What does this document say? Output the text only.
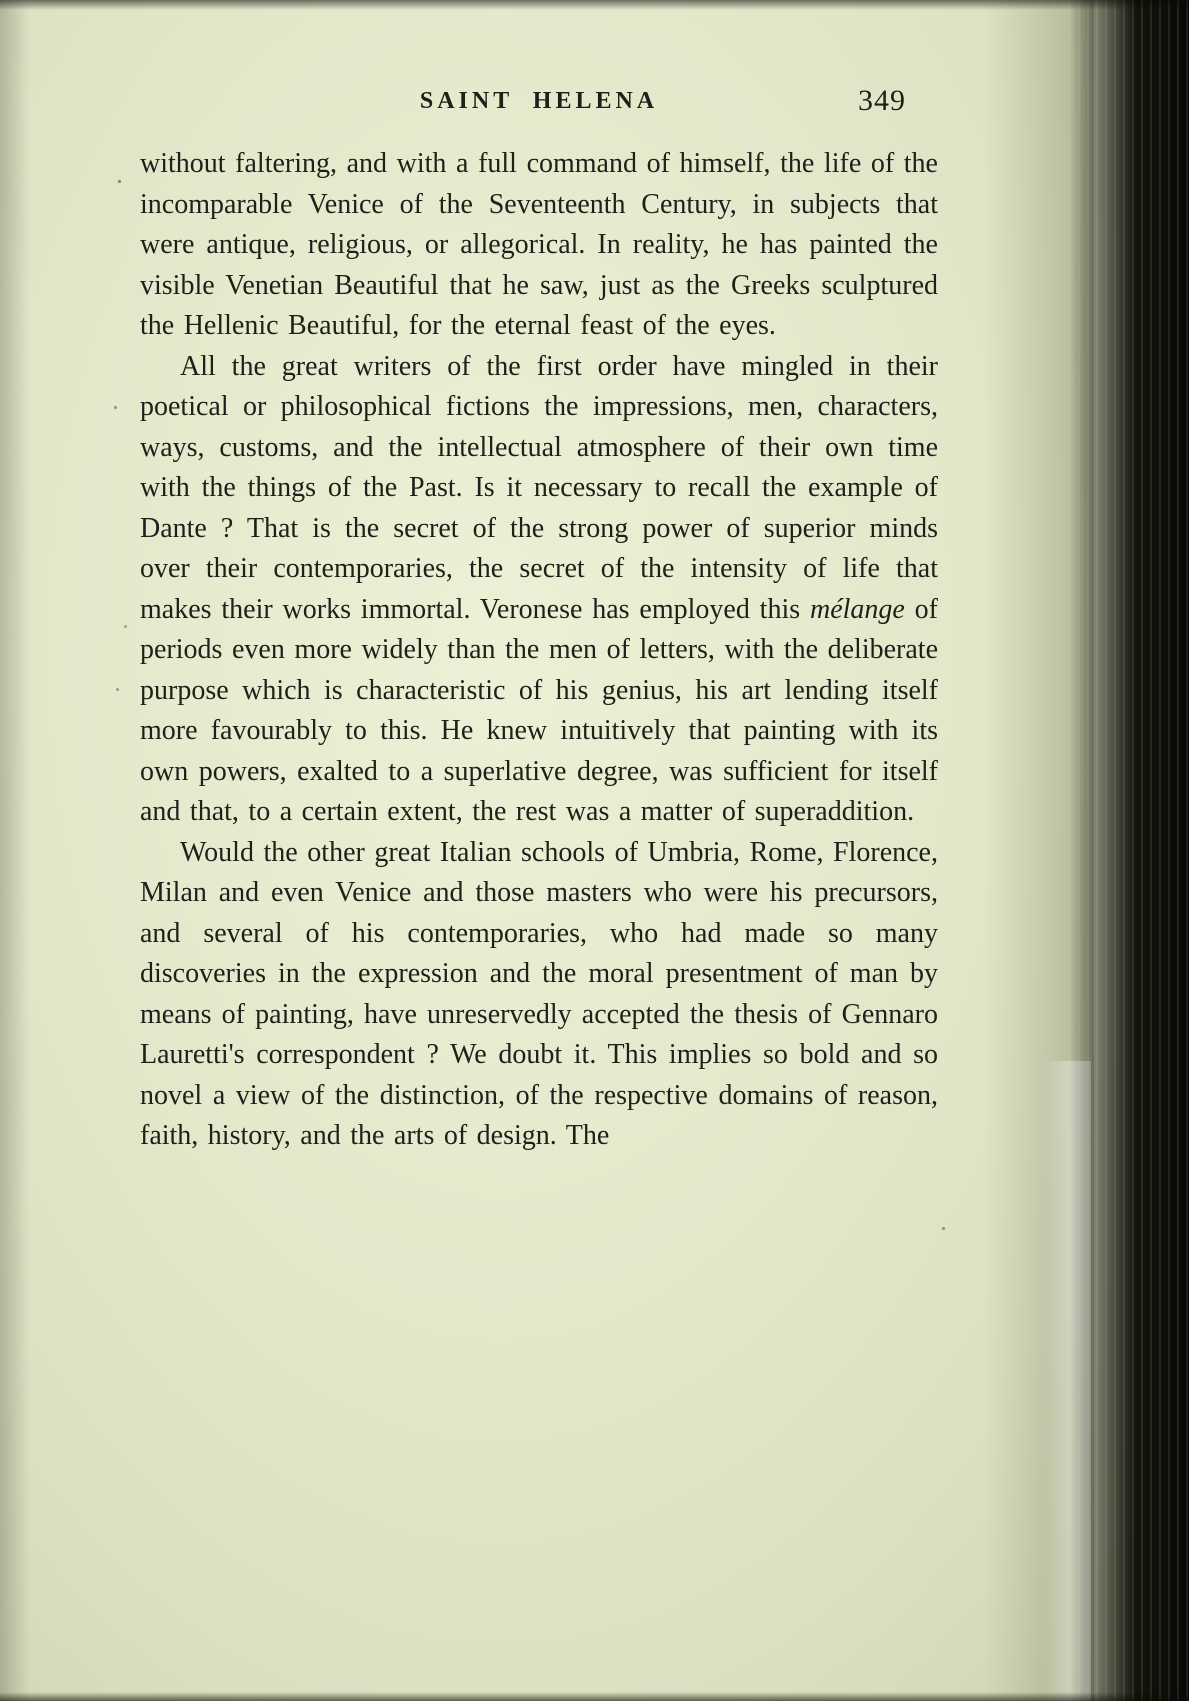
SAINT HELENA	349

without faltering, and with a full command of himself, the life of the incomparable Venice of the Seventeenth Century, in subjects that were antique, religious, or allegorical. In reality, he has painted the visible Venetian Beautiful that he saw, just as the Greeks sculptured the Hellenic Beautiful, for the eternal feast of the eyes.

All the great writers of the first order have mingled in their poetical or philosophical fictions the impressions, men, characters, ways, customs, and the intellectual atmosphere of their own time with the things of the Past. Is it necessary to recall the example of Dante ? That is the secret of the strong power of superior minds over their contemporaries, the secret of the intensity of life that makes their works immortal. Veronese has employed this mélange of periods even more widely than the men of letters, with the deliberate purpose which is characteristic of his genius, his art lending itself more favourably to this. He knew intuitively that painting with its own powers, exalted to a superlative degree, was sufficient for itself and that, to a certain extent, the rest was a matter of superaddition.

Would the other great Italian schools of Umbria, Rome, Florence, Milan and even Venice and those masters who were his precursors, and several of his contemporaries, who had made so many discoveries in the expression and the moral presentment of man by means of painting, have unreservedly accepted the thesis of Gennaro Lauretti's correspondent ? We doubt it. This implies so bold and so novel a view of the distinction, of the respective domains of reason, faith, history, and the arts of design. The
